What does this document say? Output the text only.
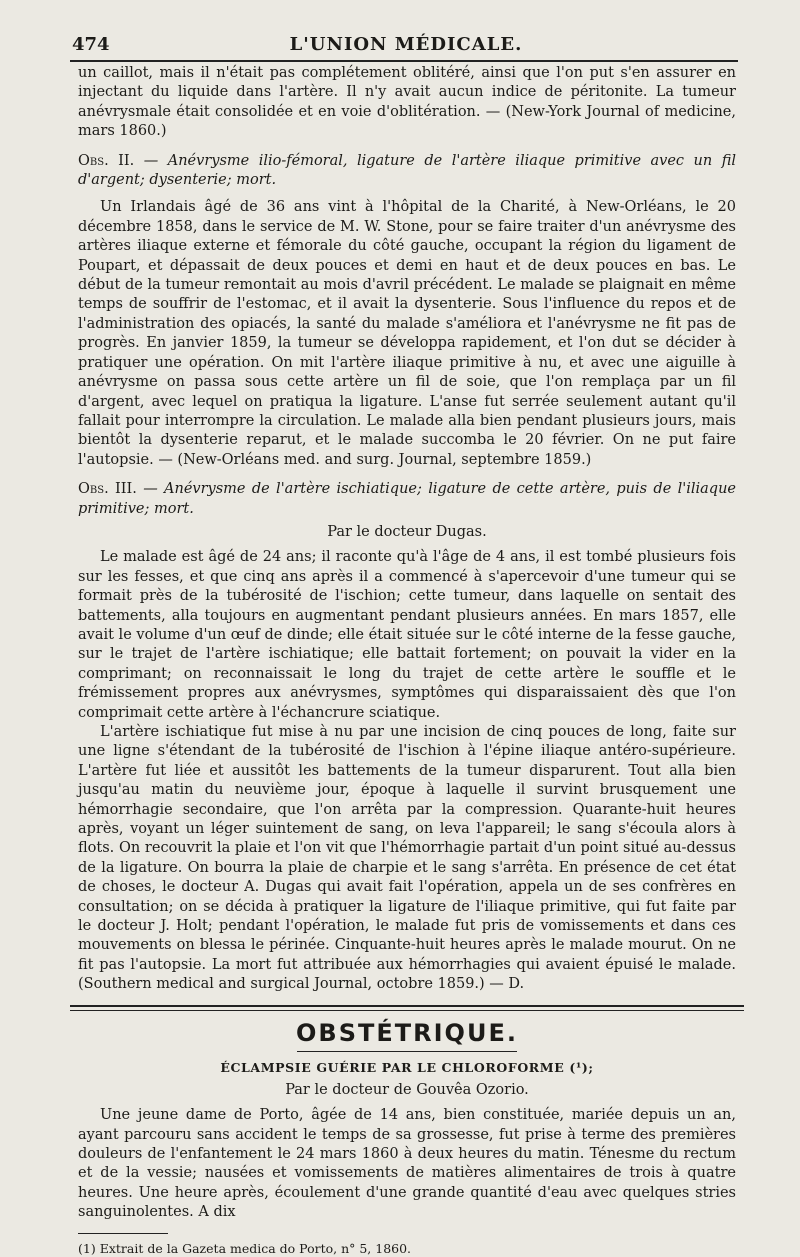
474	L'UNION MÉDICALE.

un caillot, mais il n'était pas complétement oblitéré, ainsi que l'on put s'en assurer en injectant du liquide dans l'artère. Il n'y avait aucun indice de péritonite. La tumeur anévrysmale était consolidée et en voie d'oblitération. — (New-York Journal of medicine, mars 1860.)

Obs. II. — Anévrysme ilio-fémoral, ligature de l'artère iliaque primitive avec un fil d'argent; dysenterie; mort.

Un Irlandais âgé de 36 ans vint à l'hôpital de la Charité, à New-Orléans, le 20 décembre 1858, dans le service de M. W. Stone, pour se faire traiter d'un anévrysme des artères iliaque externe et fémorale du côté gauche, occupant la région du ligament de Poupart, et dépassait de deux pouces et demi en haut et de deux pouces en bas. Le début de la tumeur remontait au mois d'avril précédent. Le malade se plaignait en même temps de souffrir de l'estomac, et il avait la dysenterie. Sous l'influence du repos et de l'administration des opiacés, la santé du malade s'améliora et l'anévrysme ne fit pas de progrès. En janvier 1859, la tumeur se développa rapidement, et l'on dut se décider à pratiquer une opération. On mit l'artère iliaque primitive à nu, et avec une aiguille à anévrysme on passa sous cette artère un fil de soie, que l'on remplaça par un fil d'argent, avec lequel on pratiqua la ligature. L'anse fut serrée seulement autant qu'il fallait pour interrompre la circulation. Le malade alla bien pendant plusieurs jours, mais bientôt la dysenterie reparut, et le malade succomba le 20 février. On ne put faire l'autopsie. — (New-Orléans med. and surg. Journal, septembre 1859.)

Obs. III. — Anévrysme de l'artère ischiatique; ligature de cette artère, puis de l'iliaque primitive; mort.

Par le docteur Dugas.

Le malade est âgé de 24 ans; il raconte qu'à l'âge de 4 ans, il est tombé plusieurs fois sur les fesses, et que cinq ans après il a commencé à s'apercevoir d'une tumeur qui se formait près de la tubérosité de l'ischion; cette tumeur, dans laquelle on sentait des battements, alla toujours en augmentant pendant plusieurs années. En mars 1857, elle avait le volume d'un œuf de dinde; elle était située sur le côté interne de la fesse gauche, sur le trajet de l'artère ischiatique; elle battait fortement; on pouvait la vider en la comprimant; on reconnaissait le long du trajet de cette artère le souffle et le frémissement propres aux anévrysmes, symptômes qui disparaissaient dès que l'on comprimait cette artère à l'échancrure sciatique.

L'artère ischiatique fut mise à nu par une incision de cinq pouces de long, faite sur une ligne s'étendant de la tubérosité de l'ischion à l'épine iliaque antéro-supérieure. L'artère fut liée et aussitôt les battements de la tumeur disparurent. Tout alla bien jusqu'au matin du neuvième jour, époque à laquelle il survint brusquement une hémorrhagie secondaire, que l'on arrêta par la compression. Quarante-huit heures après, voyant un léger suintement de sang, on leva l'appareil; le sang s'écoula alors à flots. On recouvrit la plaie et l'on vit que l'hémorrhagie partait d'un point situé au-dessus de la ligature. On bourra la plaie de charpie et le sang s'arrêta. En présence de cet état de choses, le docteur A. Dugas qui avait fait l'opération, appela un de ses confrères en consultation; on se décida à pratiquer la ligature de l'iliaque primitive, qui fut faite par le docteur J. Holt; pendant l'opération, le malade fut pris de vomissements et dans ces mouvements on blessa le périnée. Cinquante-huit heures après le malade mourut. On ne fit pas l'autopsie. La mort fut attribuée aux hémorrhagies qui avaient épuisé le malade. (Southern medical and surgical Journal, octobre 1859.) — D.

OBSTÉTRIQUE.
ÉCLAMPSIE GUÉRIE PAR LE CHLOROFORME (¹);

Par le docteur de Gouvêa Ozorio.

Une jeune dame de Porto, âgée de 14 ans, bien constituée, mariée depuis un an, ayant parcouru sans accident le temps de sa grossesse, fut prise à terme des premières douleurs de l'enfantement le 24 mars 1860 à deux heures du matin. Ténesme du rectum et de la vessie; nausées et vomissements de matières alimentaires de trois à quatre heures. Une heure après, écoulement d'une grande quantité d'eau avec quelques stries sanguinolentes. A dix

(1) Extrait de la Gazeta medica do Porto, n° 5, 1860.
